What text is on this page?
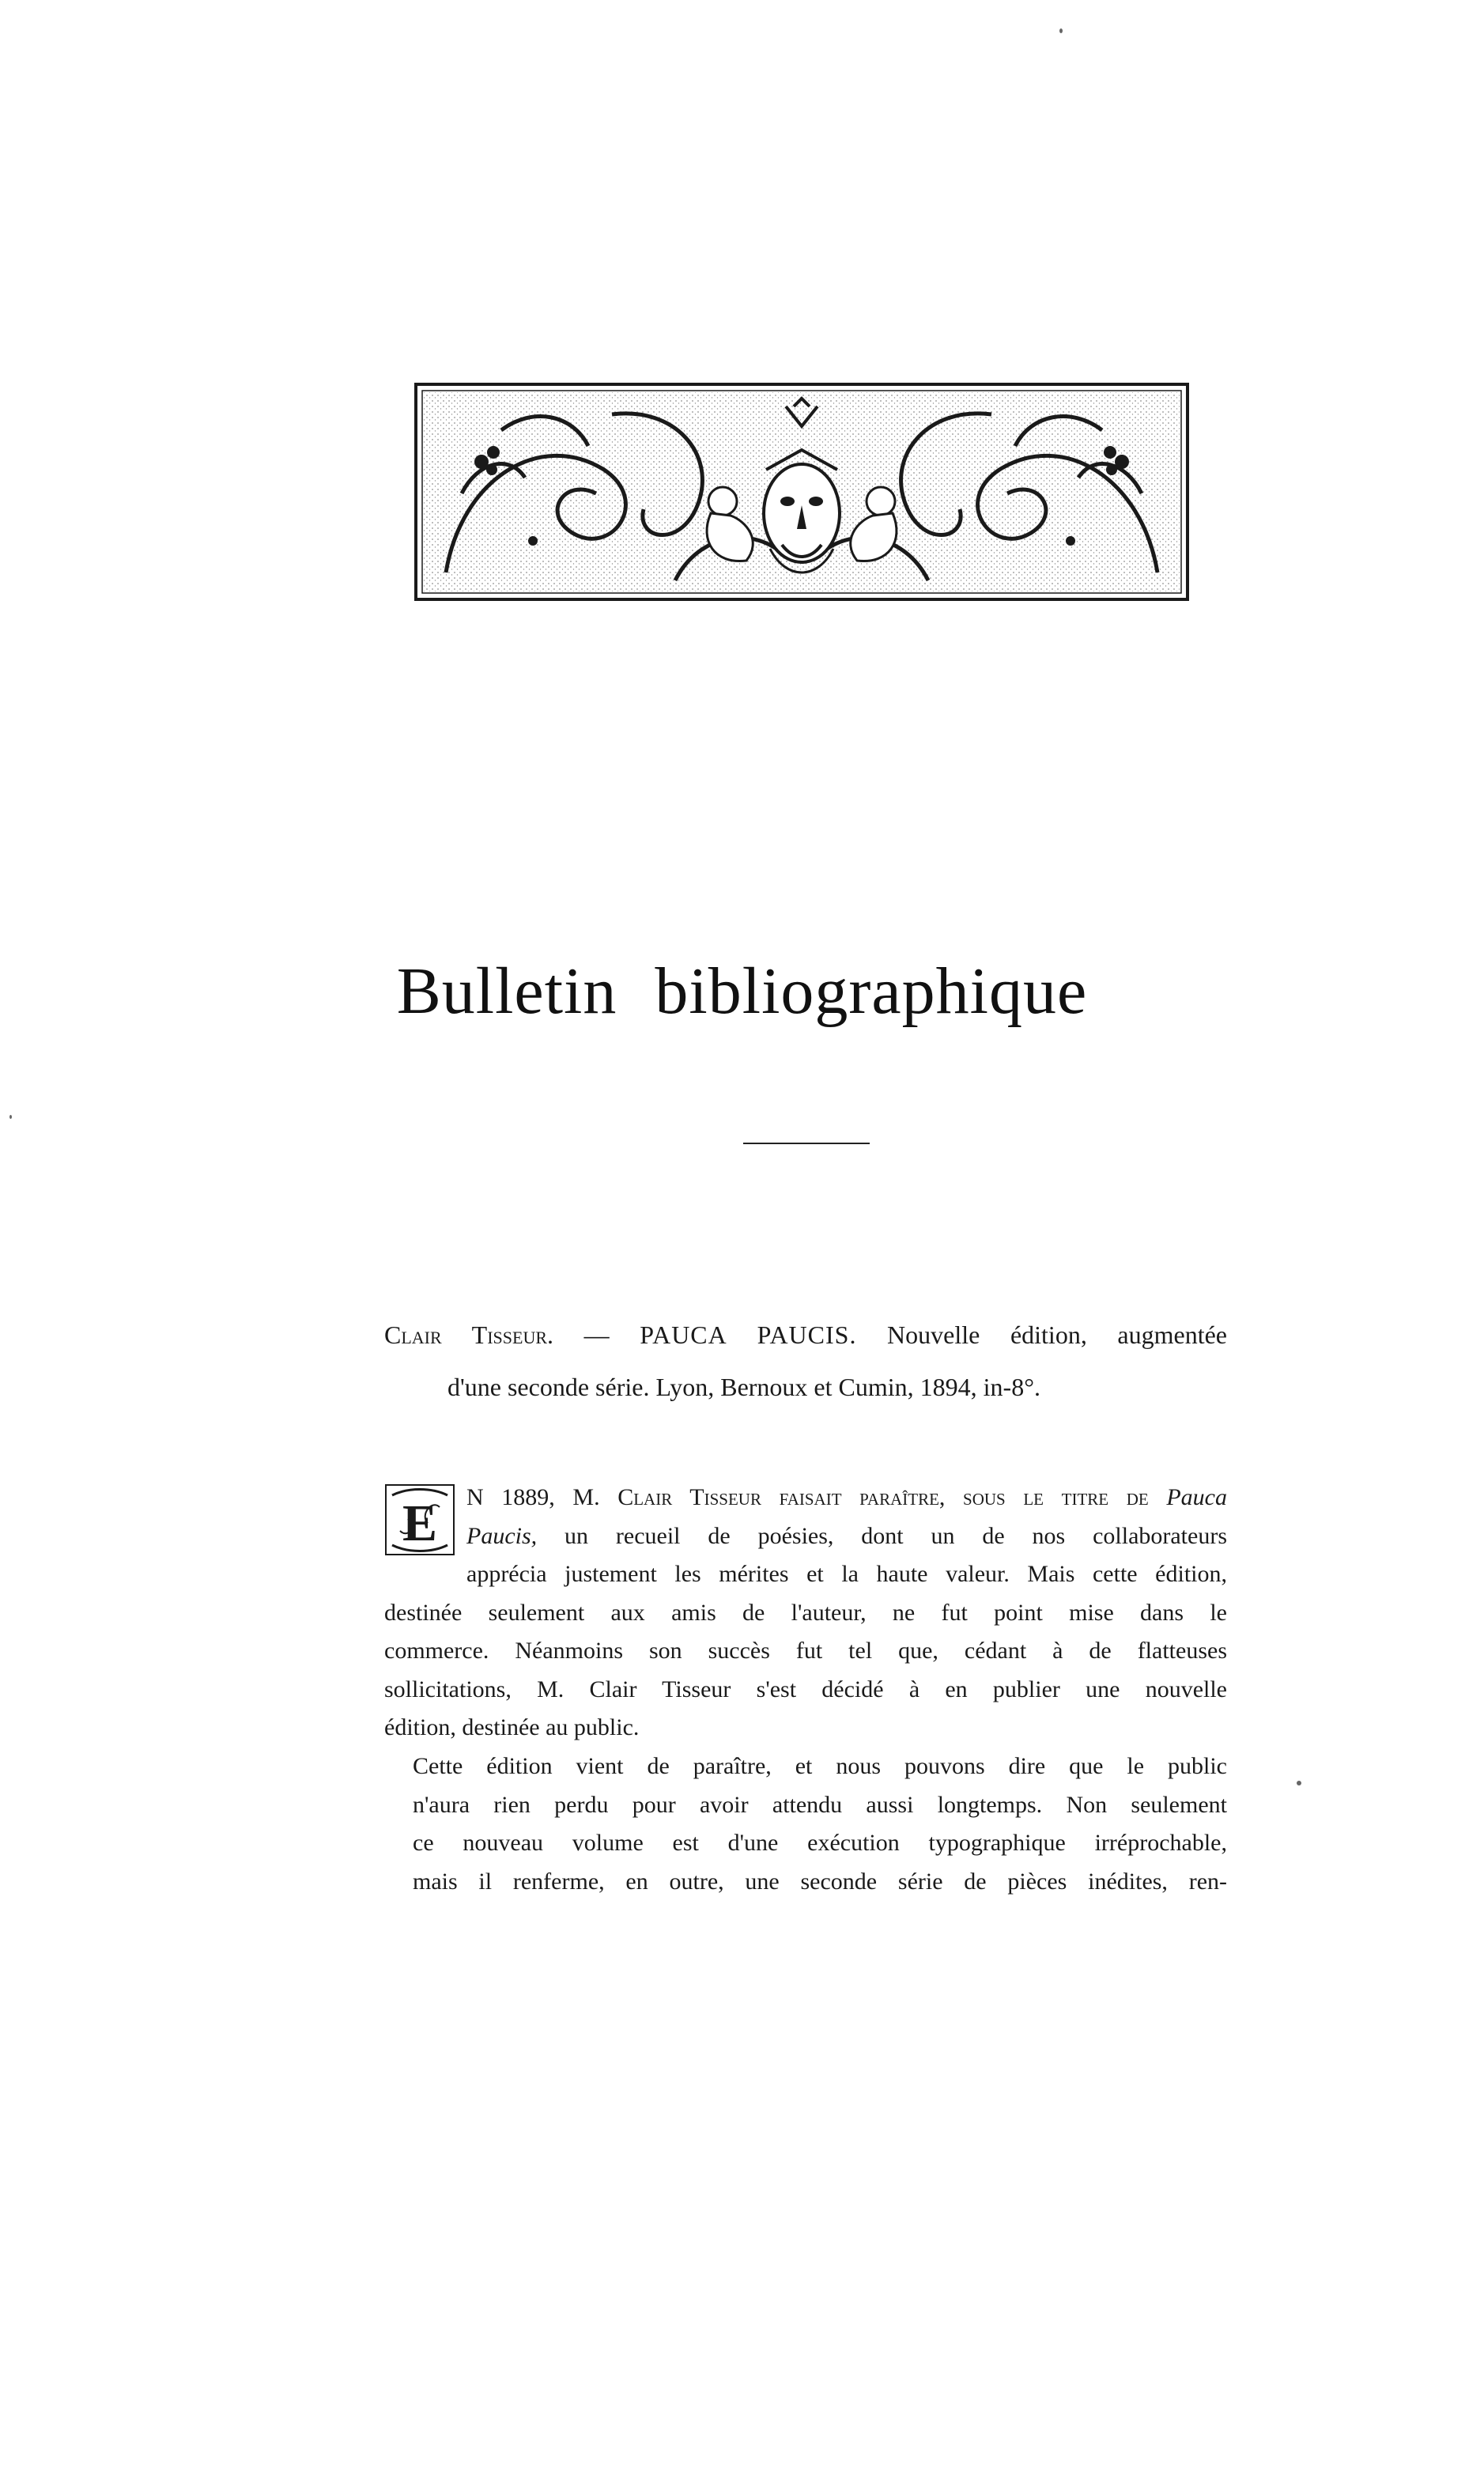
Bulletin bibliographique
Clair Tisseur. — PAUCA PAUCIS. Nouvelle édition, augmentée
d'une seconde série. Lyon, Bernoux et Cumin, 1894, in-8°.
E	N 1889, M. Clair Tisseur faisait paraître, sous le titre de Pauca
Paucis, un recueil de poésies, dont un de nos collaborateurs
apprécia justement les mérites et la haute valeur. Mais cette édition,
destinée seulement aux amis de l'auteur, ne fut point mise dans le
commerce. Néanmoins son succès fut tel que, cédant à de flatteuses
sollicitations, M. Clair Tisseur s'est décidé à en publier une nouvelle
édition, destinée au public.
Cette édition vient de paraître, et nous pouvons dire que le public
n'aura rien perdu pour avoir attendu aussi longtemps. Non seulement
ce nouveau volume est d'une exécution typographique irréprochable,
mais il renferme, en outre, une seconde série de pièces inédites, ren-
